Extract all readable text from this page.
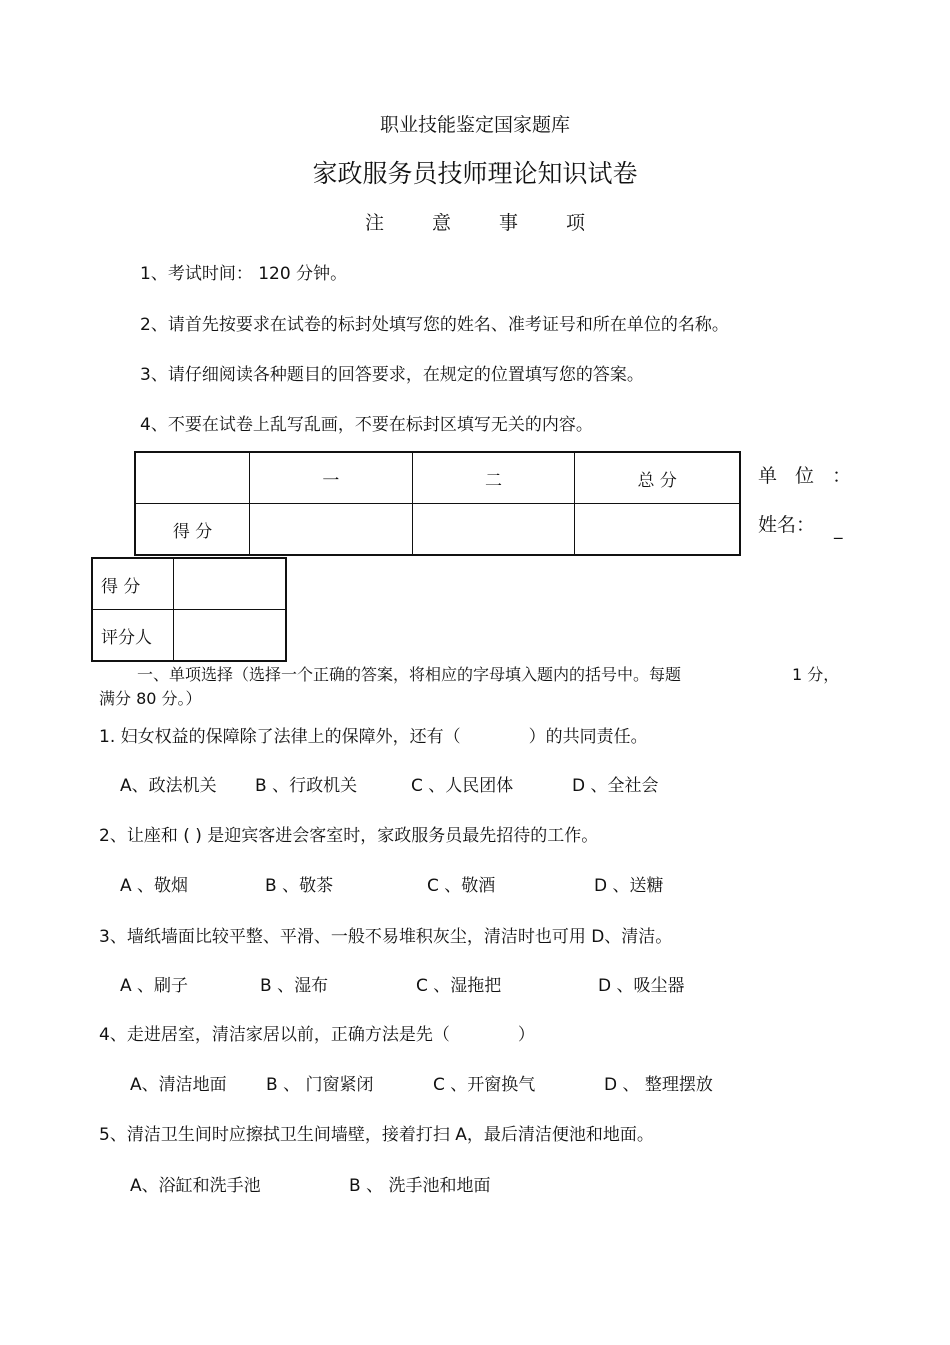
职业技能鉴定国家题库
家政服务员技师理论知识试卷
注 意 事 项
1、考试时间： 120 分钟。
2、请首先按要求在试卷的标封处填写您的姓名、准考证号和所在单位的名称。
3、请仔细阅读各种题目的回答要求，在规定的位置填写您的答案。
4、不要在试卷上乱写乱画，不要在标封区填写无关的内容。
	一	二	总 分
得 分			
单 位 ：
姓名： _
得 分	
评分人	
一、单项选择（选择一个正确的答案，将相应的字母填入题内的括号中。每题	1 分，
满分 80 分。）
1. 妇女权益的保障除了法律上的保障外，还有（　　　　）的共同责任。
A、政法机关 B 、行政机关	C 、人民团体	D 、全社会
2、让座和 ( ) 是迎宾客进会客室时，家政服务员最先招待的工作。
A 、敬烟	B 、敬茶	C 、敬酒	D 、送糖
3、墙纸墙面比较平整、平滑、一般不易堆积灰尘，清洁时也可用 D、清洁。
A 、刷子	B 、湿布	C 、湿拖把	D 、吸尘器
4、走进居室，清洁家居以前，正确方法是先（　　　　）
A、清洁地面 B 、 门窗紧闭	C 、开窗换气	D 、 整理摆放
5、清洁卫生间时应擦拭卫生间墙壁，接着打扫 A，最后清洁便池和地面。
A、浴缸和洗手池	B 、 洗手池和地面
